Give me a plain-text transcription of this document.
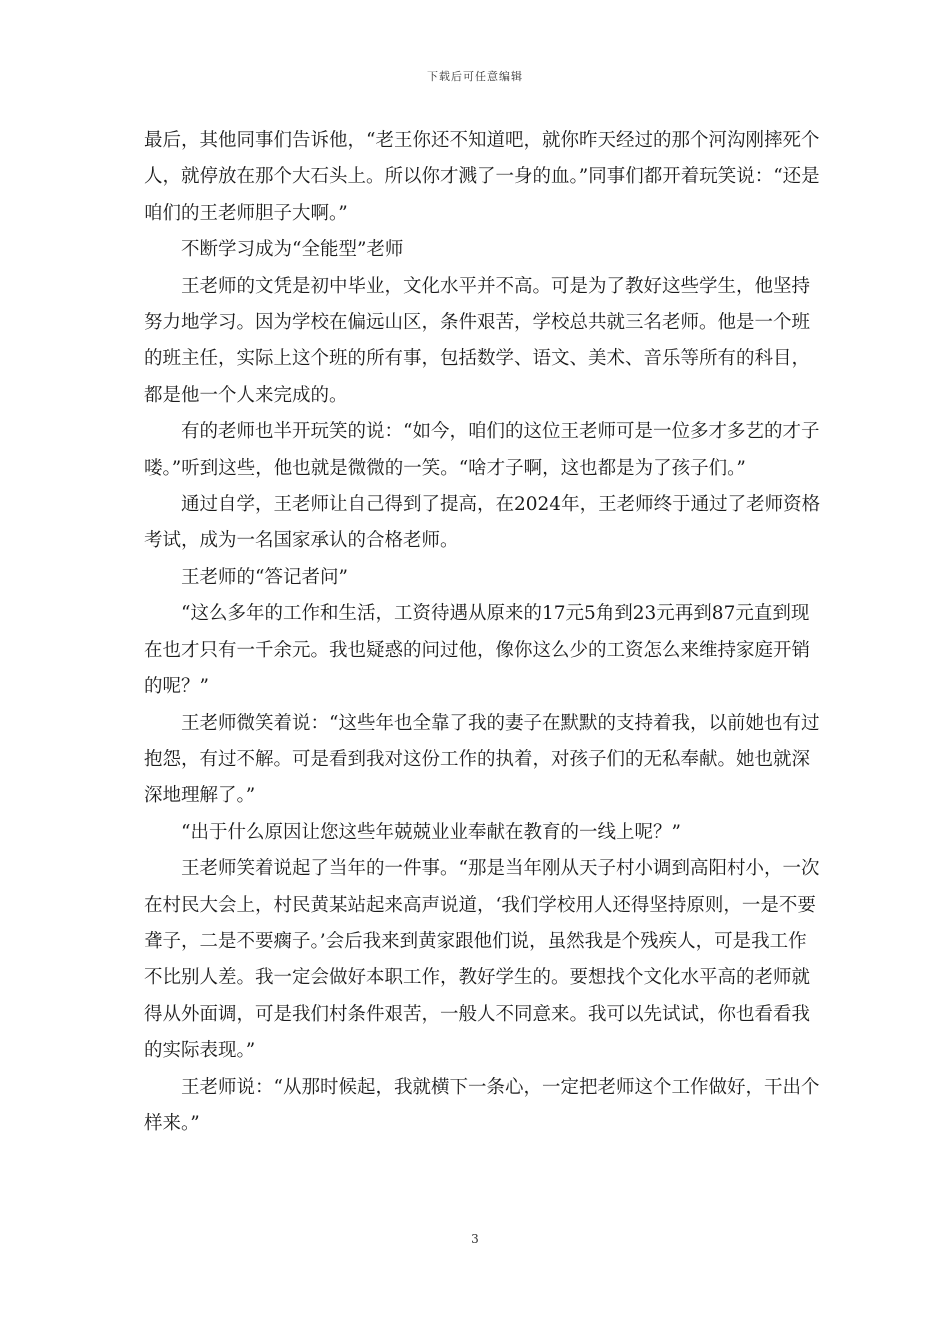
下载后可任意编辑

最后，其他同事们告诉他，“老王你还不知道吧，就你昨天经过的那个河沟刚摔死个人，就停放在那个大石头上。所以你才溅了一身的血。”同事们都开着玩笑说：“还是咱们的王老师胆子大啊。”

不断学习成为“全能型”老师

王老师的文凭是初中毕业，文化水平并不高。可是为了教好这些学生，他坚持努力地学习。因为学校在偏远山区，条件艰苦，学校总共就三名老师。他是一个班的班主任，实际上这个班的所有事，包括数学、语文、美术、音乐等所有的科目，都是他一个人来完成的。

有的老师也半开玩笑的说：“如今，咱们的这位王老师可是一位多才多艺的才子喽。”听到这些，他也就是微微的一笑。“啥才子啊，这也都是为了孩子们。”

通过自学，王老师让自己得到了提高，在2024年，王老师终于通过了老师资格考试，成为一名国家承认的合格老师。

王老师的“答记者问”

“这么多年的工作和生活，工资待遇从原来的17元5角到23元再到87元直到现在也才只有一千余元。我也疑惑的问过他，像你这么少的工资怎么来维持家庭开销的呢？”

王老师微笑着说：“这些年也全靠了我的妻子在默默的支持着我，以前她也有过抱怨，有过不解。可是看到我对这份工作的执着，对孩子们的无私奉献。她也就深深地理解了。”

“出于什么原因让您这些年兢兢业业奉献在教育的一线上呢？”

王老师笑着说起了当年的一件事。“那是当年刚从天子村小调到高阳村小，一次在村民大会上，村民黄某站起来高声说道，‘我们学校用人还得坚持原则，一是不要聋子，二是不要瘸子。’会后我来到黄家跟他们说，虽然我是个残疾人，可是我工作不比别人差。我一定会做好本职工作，教好学生的。要想找个文化水平高的老师就得从外面调，可是我们村条件艰苦，一般人不同意来。我可以先试试，你也看看我的实际表现。”

王老师说：“从那时候起，我就横下一条心，一定把老师这个工作做好，干出个样来。”

3
